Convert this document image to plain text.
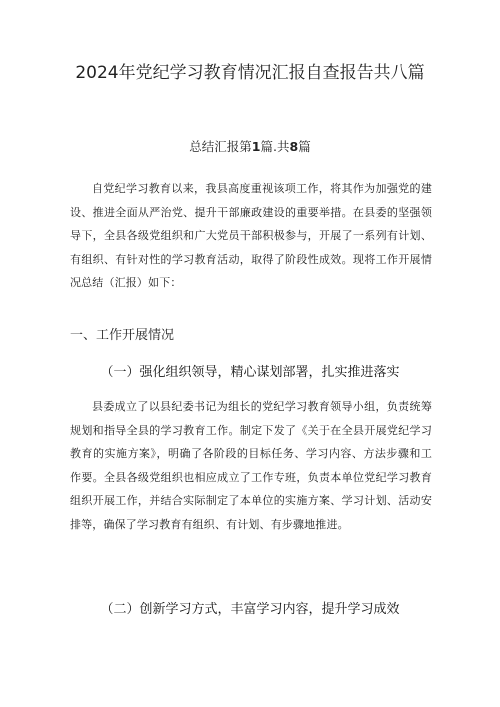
2024年党纪学习教育情况汇报自查报告共八篇
总结汇报第1篇.共8篇

自党纪学习教育以来，我县高度重视该项工作，将其作为加强党的建设、推进全面从严治党、提升干部廉政建设的重要举措。在县委的坚强领导下，全县各级党组织和广大党员干部积极参与，开展了一系列有计划、有组织、有针对性的学习教育活动，取得了阶段性成效。现将工作开展情况总结（汇报）如下：

一、工作开展情况
（一）强化组织领导，精心谋划部署，扎实推进落实

县委成立了以县纪委书记为组长的党纪学习教育领导小组，负责统筹规划和指导全县的学习教育工作。制定下发了《关于在全县开展党纪学习教育的实施方案》，明确了各阶段的目标任务、学习内容、方法步骤和工作要。全县各级党组织也相应成立了工作专班，负责本单位党纪学习教育组织开展工作，并结合实际制定了本单位的实施方案、学习计划、活动安排等，确保了学习教育有组织、有计划、有步骤地推进。

（二）创新学习方式，丰富学习内容，提升学习成效
